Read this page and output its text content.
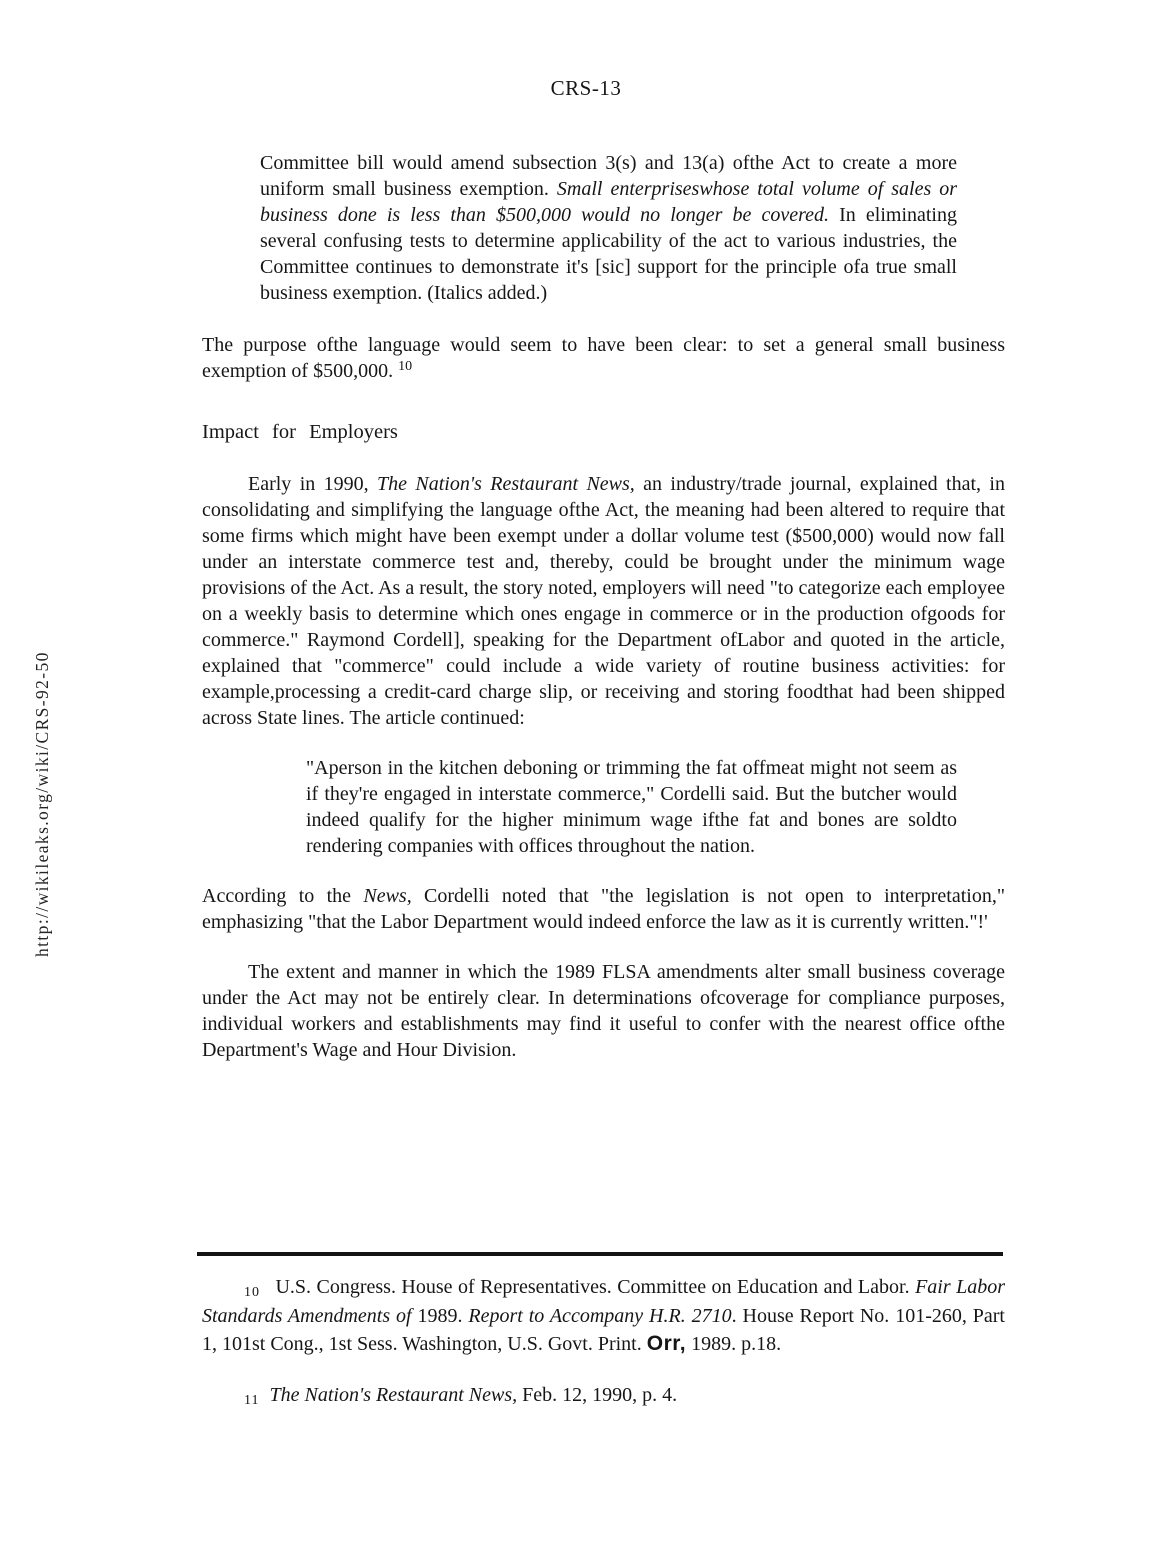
CRS-13
http://wikileaks.org/wiki/CRS-92-50
Committee bill would amend subsection 3(s) and 13(a) ofthe Act to create a more uniform small business exemption. Small enterpriseswhose total volume of sales or business done is less than $500,000 would no longer be covered. In eliminating several confusing tests to determine applicability of the act to various industries, the Committee continues to demonstrate it's [sic] support for the principle ofa true small business exemption. (Italics added.)
The purpose ofthe language would seem to have been clear: to set a general small business exemption of $500,000. $^{10}$
Impact for Employers
Early in 1990, The Nation's Restaurant News, an industry/trade journal, explained that, in consolidating and simplifying the language ofthe Act, the meaning had been altered to require that some firms which might have been exempt under a dollar volume test ($500,000) would now fall under an interstate commerce test and, thereby, could be brought under the minimum wage provisions of the Act. As a result, the story noted, employers will need "to categorize each employee on a weekly basis to determine which ones engage in commerce or in the production ofgoods for commerce." Raymond Cordell], speaking for the Department ofLabor and quoted in the article, explained that "commerce" could include a wide variety of routine business activities: for example,processing a credit-card charge slip, or receiving and storing foodthat had been shipped across State lines. The article continued:
"Aperson in the kitchen deboning or trimming the fat offmeat might not seem as if they're engaged in interstate commerce," Cordelli said. But the butcher would indeed qualify for the higher minimum wage ifthe fat and bones are soldto rendering companies with offices throughout the nation.
According to the News, Cordelli noted that "the legislation is not open to interpretation," emphasizing "that the Labor Department would indeed enforce the law as it is currently written."!'
The extent and manner in which the 1989 FLSA amendments alter small business coverage under the Act may not be entirely clear. In determinations ofcoverage for compliance purposes, individual workers and establishments may find it useful to confer with the nearest office ofthe Department's Wage and Hour Division.
10 U.S. Congress. House of Representatives. Committee on Education and Labor. Fair Labor Standards Amendments of 1989. Report to Accompany H.R. 2710. House Report No. 101-260, Part 1, 101st Cong., 1st Sess. Washington, U.S. Govt. Print. Orr, 1989. p.18.
11 The Nation's Restaurant News, Feb. 12, 1990, p. 4.
